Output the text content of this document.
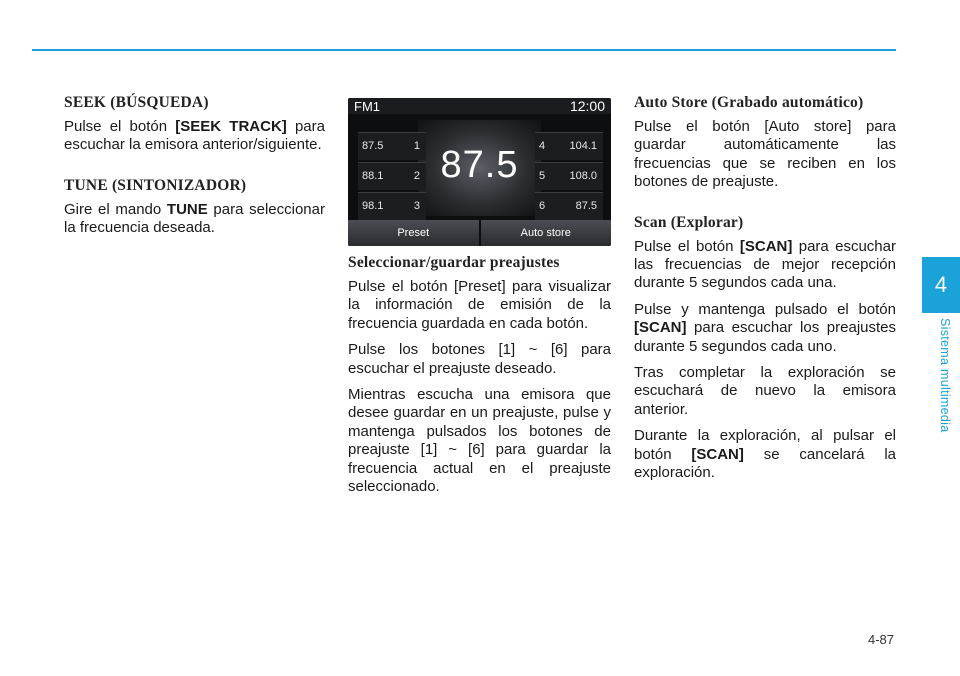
SEEK (BÚSQUEDA)

Pulse el botón [SEEK TRACK] para escuchar la emisora anterior/siguiente.

TUNE (SINTONIZADOR)

Gire el mando TUNE para seleccionar la frecuencia deseada.

FM1	12:00
87.5
87.5	1
88.1	2
98.1	3
4 104.1
5 108.0
6	87.5
Preset	Auto store
Seleccionar/guardar preajustes

Pulse el botón [Preset] para visualizar la información de emisión de la frecuencia guardada en cada botón.

Pulse los botones [1] ~ [6] para escuchar el preajuste deseado.

Mientras escucha una emisora que desee guardar en un preajuste, pulse y mantenga pulsados los botones de preajuste [1] ~ [6] para guardar la frecuencia actual en el preajuste seleccionado.

Auto Store (Grabado automático)

Pulse el botón [Auto store] para guardar automáticamente las frecuencias que se reciben en los botones de preajuste.

Scan (Explorar)

Pulse el botón [SCAN] para escuchar las frecuencias de mejor recepción durante 5 segundos cada una.

Pulse y mantenga pulsado el botón [SCAN] para escuchar los preajustes durante 5 segundos cada uno.

Tras completar la exploración se escuchará de nuevo la emisora anterior.

Durante la exploración, al pulsar el botón [SCAN] se cancelará la exploración.

4
Sistema multimedia
4-87
